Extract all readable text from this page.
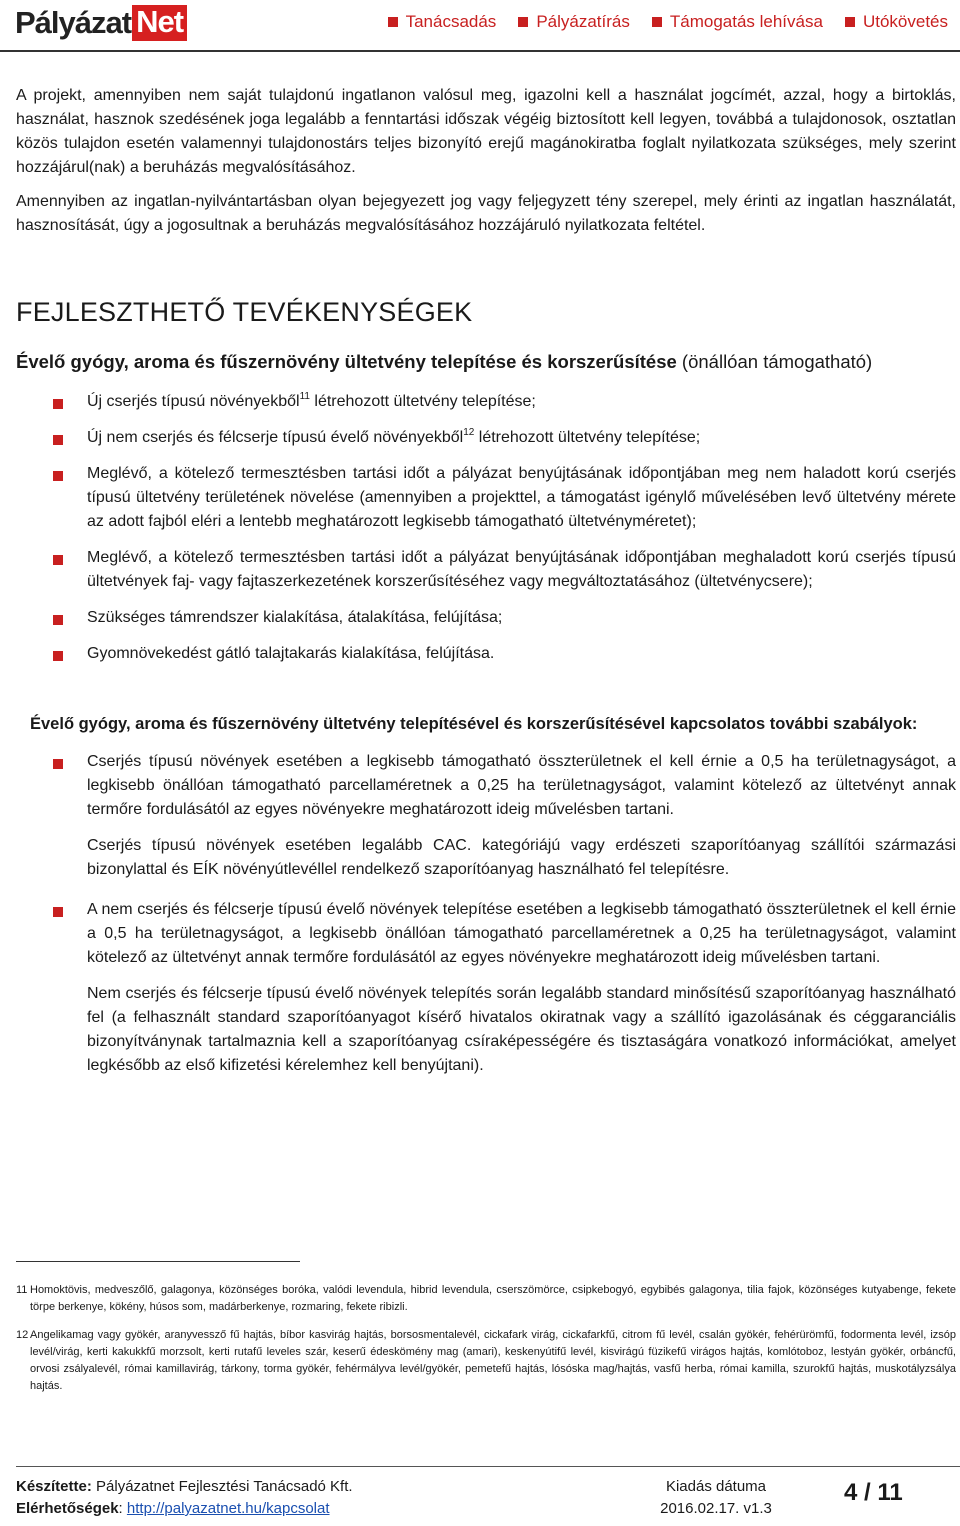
Pályázat Net	Tanácsadás Pályázatírás Támogatás lehívása Utókövetés

A projekt, amennyiben nem saját tulajdonú ingatlanon valósul meg, igazolni kell a használat jogcímét, azzal, hogy a birtoklás, használat, hasznok szedésének joga legalább a fenntartási időszak végéig biztosított kell legyen, továbbá a tulajdonosok, osztatlan közös tulajdon esetén valamennyi tulajdonostárs teljes bizonyító erejű magánokiratba foglalt nyilatkozata szükséges, mely szerint hozzájárul(nak) a beruházás megvalósításához.

Amennyiben az ingatlan-nyilvántartásban olyan bejegyezett jog vagy feljegyzett tény szerepel, mely érinti az ingatlan használatát, hasznosítását, úgy a jogosultnak a beruházás megvalósításához hozzájáruló nyilatkozata feltétel.

FEJLESZTHETŐ TEVÉKENYSÉGEK
Évelő gyógy, aroma és fűszernövény ültetvény telepítése és korszerűsítése (önállóan támogatható)
Új cserjés típusú növényekből$^{11}$ létrehozott ültetvény telepítése;
Új nem cserjés és félcserje típusú évelő növényekből$^{12}$ létrehozott ültetvény telepítése;
Meglévő, a kötelező termesztésben tartási időt a pályázat benyújtásának időpontjában meg nem haladott korú cserjés típusú ültetvény területének növelése (amennyiben a projekttel, a támogatást igénylő művelésében levő ültetvény mérete az adott fajból eléri a lentebb meghatározott legkisebb támogatható ültetvényméretet);
Meglévő, a kötelező termesztésben tartási időt a pályázat benyújtásának időpontjában meghaladott korú cserjés típusú ültetvények faj- vagy fajtaszerkezetének korszerűsítéséhez vagy megváltoztatásához (ültetvénycsere);
Szükséges támrendszer kialakítása, átalakítása, felújítása;
Gyomnövekedést gátló talajtakarás kialakítása, felújítása.
Évelő gyógy, aroma és fűszernövény ültetvény telepítésével és korszerűsítésével kapcsolatos további szabályok:

Cserjés típusú növények esetében a legkisebb támogatható összterületnek el kell érnie a 0,5 ha területnagyságot, a legkisebb önállóan támogatható parcellaméretnek a 0,25 ha területnagyságot, valamint kötelező az ültetvényt annak termőre fordulásától az egyes növényekre meghatározott ideig művelésben tartani.

Cserjés típusú növények esetében legalább CAC. kategóriájú vagy erdészeti szaporítóanyag szállítói származási bizonylattal és EÍK növényútlevéllel rendelkező szaporítóanyag használható fel telepítésre.

A nem cserjés és félcserje típusú évelő növények telepítése esetében a legkisebb támogatható összterületnek el kell érnie a 0,5 ha területnagyságot, a legkisebb önállóan támogatható parcellaméretnek a 0,25 ha területnagyságot, valamint kötelező az ültetvényt annak termőre fordulásától az egyes növényekre meghatározott ideig művelésben tartani.

Nem cserjés és félcserje típusú évelő növények telepítés során legalább standard minősítésű szaporítóanyag használható fel (a felhasznált standard szaporítóanyagot kísérő hivatalos okiratnak vagy a szállító igazolásának és céggaranciális bizonyítványnak tartalmaznia kell a szaporítóanyag csíraképességére és tisztaságára vonatkozó információkat, amelyet legkésőbb az első kifizetési kérelemhez kell benyújtani).

11 Homoktövis, medveszőlő, galagonya, közönséges boróka, valódi levendula, hibrid levendula, cserszömörce, csipkebogyó, egybibés galagonya, tilia fajok, közönséges kutyabenge, fekete törpe berkenye, kökény, húsos som, madárberkenye, rozmaring, fekete ribizli.
12 Angelikamag vagy gyökér, aranyvessző fű hajtás, bíbor kasvirág hajtás, borsosmentalevél, cickafark virág, cickafarkfű, citrom fű levél, csalán gyökér, fehérürömfű, fodormenta levél, izsóp levél/virág, kerti kakukkfű morzsolt, kerti rutafű leveles szár, keserű édeskömény mag (amari), keskenyútifű levél, kisvirágú füzikefű virágos hajtás, komlótoboz, lestyán gyökér, orbáncfű, orvosi zsályalevél, római kamillavirág, tárkony, torma gyökér, fehérmályva levél/gyökér, pemetefű hajtás, lósóska mag/hajtás, vasfű herba, római kamilla, szurokfű hajtás, muskotályzsálya hajtás.
Készítette: Pályázatnet Fejlesztési Tanácsadó Kft.
Elérhetőségek: http://palyazatnet.hu/kapcsolat
Kiadás dátuma
2016.02.17. v1.3
4 / 11
